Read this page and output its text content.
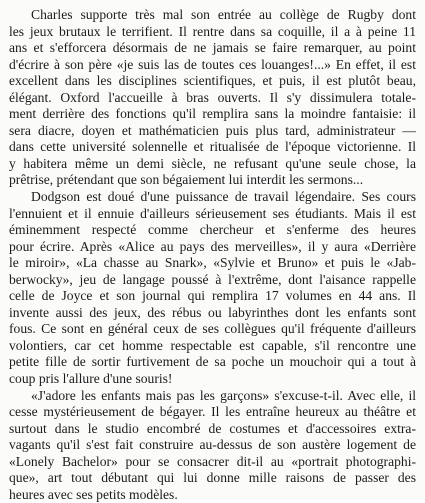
Charles supporte très mal son entrée au collège de Rugby dont
les jeux brutaux le terrifient. Il rentre dans sa coquille, il a à peine 11
ans et s'efforcera désormais de ne jamais se faire remarquer, au point
d'écrire à son père «je suis las de toutes ces louanges!...» En effet, il est
excellent dans les disciplines scientifiques, et puis, il est plutôt beau,
élégant. Oxford l'accueille à bras ouverts. Il s'y dissimulera totale-
ment derrière des fonctions qu'il remplira sans la moindre fantaisie: il
sera diacre, doyen et mathématicien puis plus tard, administrateur —
dans cette université solennelle et ritualisée de l'époque victorienne. Il
y habitera même un demi siècle, ne refusant qu'une seule chose, la
prêtrise, prétendant que son bégaiement lui interdit les sermons...
Dodgson est doué d'une puissance de travail légendaire. Ses cours
l'ennuient et il ennuie d'ailleurs sérieusement ses étudiants. Mais il est
éminemment respecté comme chercheur et s'enferme des heures
pour écrire. Après «Alice au pays des merveilles», il y aura «Derrière
le miroir», «La chasse au Snark», «Sylvie et Bruno» et puis le «Jab-
berwocky», jeu de langage poussé à l'extrême, dont l'aisance rappelle
celle de Joyce et son journal qui remplira 17 volumes en 44 ans. Il
invente aussi des jeux, des rébus ou labyrinthes dont les enfants sont
fous. Ce sont en général ceux de ses collègues qu'il fréquente d'ailleurs
volontiers, car cet homme respectable est capable, s'il rencontre une
petite fille de sortir furtivement de sa poche un mouchoir qui a tout à
coup pris l'allure d'une souris!
«J'adore les enfants mais pas les garçons» s'excuse-t-il. Avec elle, il
cesse mystérieusement de bégayer. Il les entraîne heureux au théâtre et
surtout dans le studio encombré de costumes et d'accessoires extra-
vagants qu'il s'est fait construire au-dessus de son austère logement de
«Lonely Bachelor» pour se consacrer dit-il au «portrait photographi-
que», art tout débutant qui lui donne mille raisons de passer des
heures avec ses petits modèles.
